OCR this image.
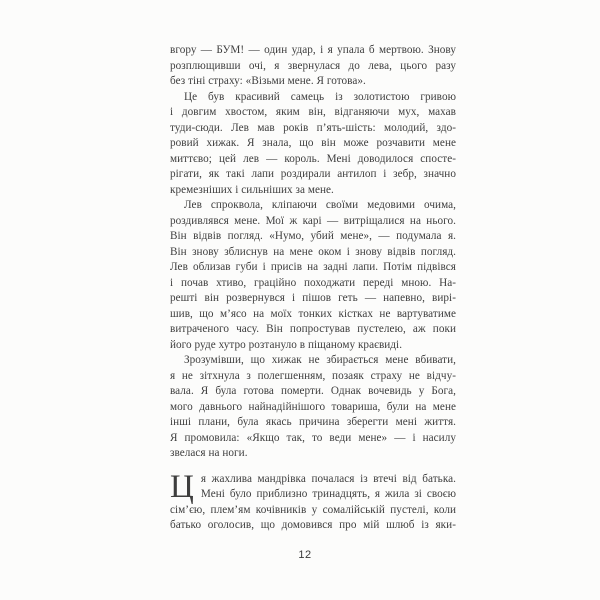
вгору — БУМ! — один удар, і я упала б мертвою. Знову
розплющивши очі, я звернулася до лева, цього разу
без тіні страху: «Візьми мене. Я готова».
Це був красивий самець із золотистою гривою
і довгим хвостом, яким він, відганяючи мух, махав
туди-сюди. Лев мав років п’ять-шість: молодий, здо-
ровий хижак. Я знала, що він може розчавити мене
миттєво; цей лев — король. Мені доводилося спосте-
рігати, як такі лапи роздирали антилоп і зебр, значно
кремезніших і сильніших за мене.
Лев спроквола, кліпаючи своїми медовими очима,
роздивлявся мене. Мої ж карі — витріщалися на нього.
Він відвів погляд. «Нумо, убий мене», — подумала я.
Він знову зблиснув на мене оком і знову відвів погляд.
Лев облизав губи і присів на задні лапи. Потім підвівся
і почав хтиво, граційно походжати переді мною. На-
решті він розвернувся і пішов геть — напевно, вирі-
шив, що м’ясо на моїх тонких кістках не вартуватиме
витраченого часу. Він попростував пустелею, аж поки
його руде хутро розтануло в піщаному краєвиді.
Зрозумівши, що хижак не збирається мене вбивати,
я не зітхнула з полегшенням, позаяк страху не відчу-
вала. Я була готова померти. Однак вочевидь у Бога,
мого давнього найнадійнішого товариша, були на мене
інші плани, була якась причина зберегти мені життя.
Я промовила: «Якщо так, то веди мене» — і насилу
звелася на ноги.
Ц я жахлива мандрівка почалася із втечі від батька.
Мені було приблизно тринадцять, я жила зі своєю
сім’єю, плем’ям кочівників у сомалійській пустелі, коли
батько оголосив, що домовився про мій шлюб із яки-
12
